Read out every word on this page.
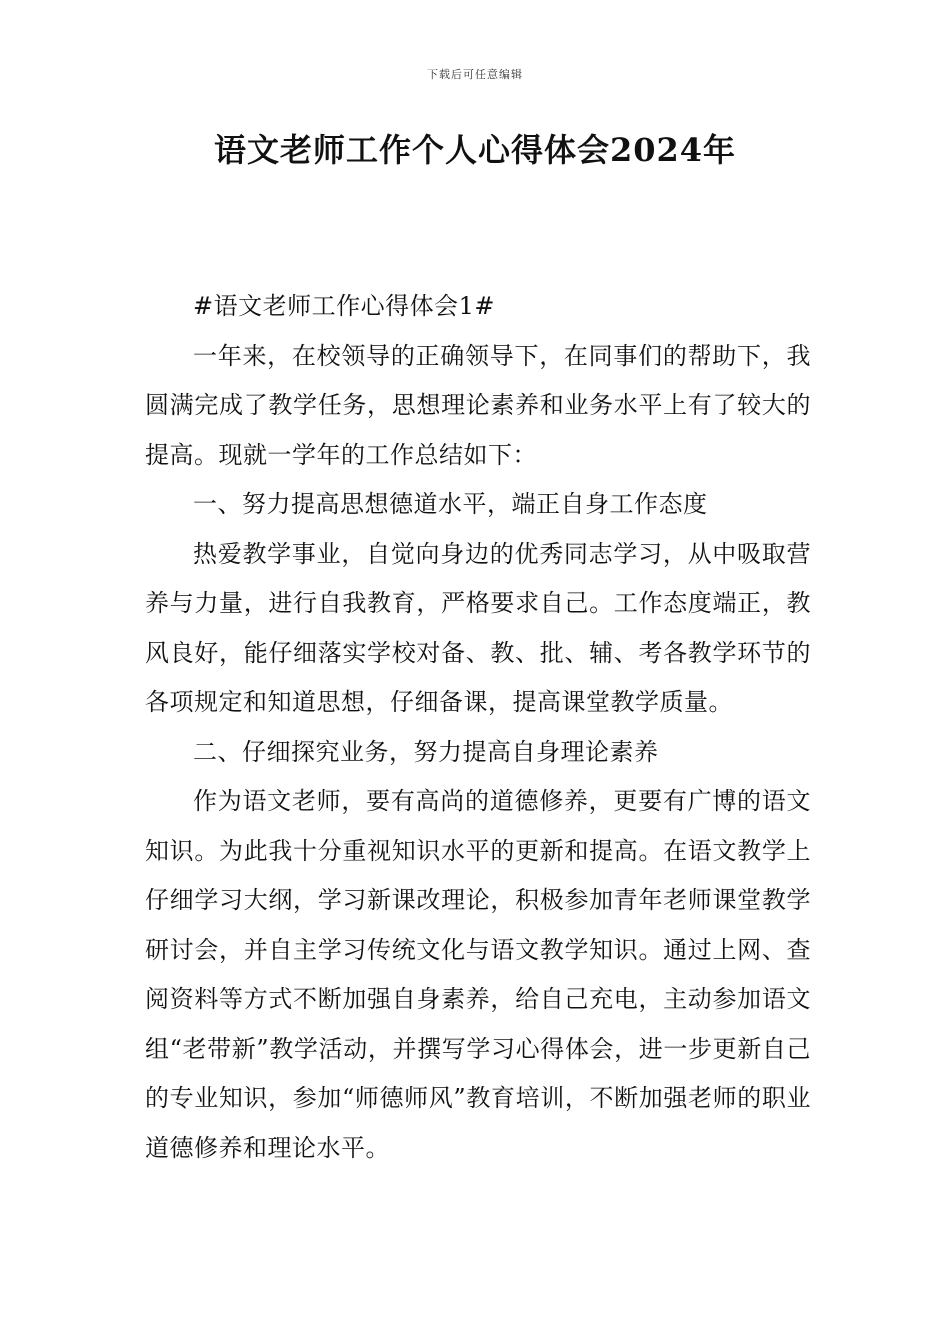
下载后可任意编辑
语文老师工作个人心得体会2024年

#语文老师工作心得体会1#

一年来，在校领导的正确领导下，在同事们的帮助下，我圆满完成了教学任务，思想理论素养和业务水平上有了较大的提高。现就一学年的工作总结如下：

一、努力提高思想德道水平，端正自身工作态度

热爱教学事业，自觉向身边的优秀同志学习，从中吸取营养与力量，进行自我教育，严格要求自己。工作态度端正，教风良好，能仔细落实学校对备、教、批、辅、考各教学环节的各项规定和知道思想，仔细备课，提高课堂教学质量。

二、仔细探究业务，努力提高自身理论素养

作为语文老师，要有高尚的道德修养，更要有广博的语文知识。为此我十分重视知识水平的更新和提高。在语文教学上仔细学习大纲，学习新课改理论，积极参加青年老师课堂教学研讨会，并自主学习传统文化与语文教学知识。通过上网、查阅资料等方式不断加强自身素养，给自己充电，主动参加语文组“老带新”教学活动，并撰写学习心得体会，进一步更新自己的专业知识，参加“师德师风”教育培训，不断加强老师的职业道德修养和理论水平。
